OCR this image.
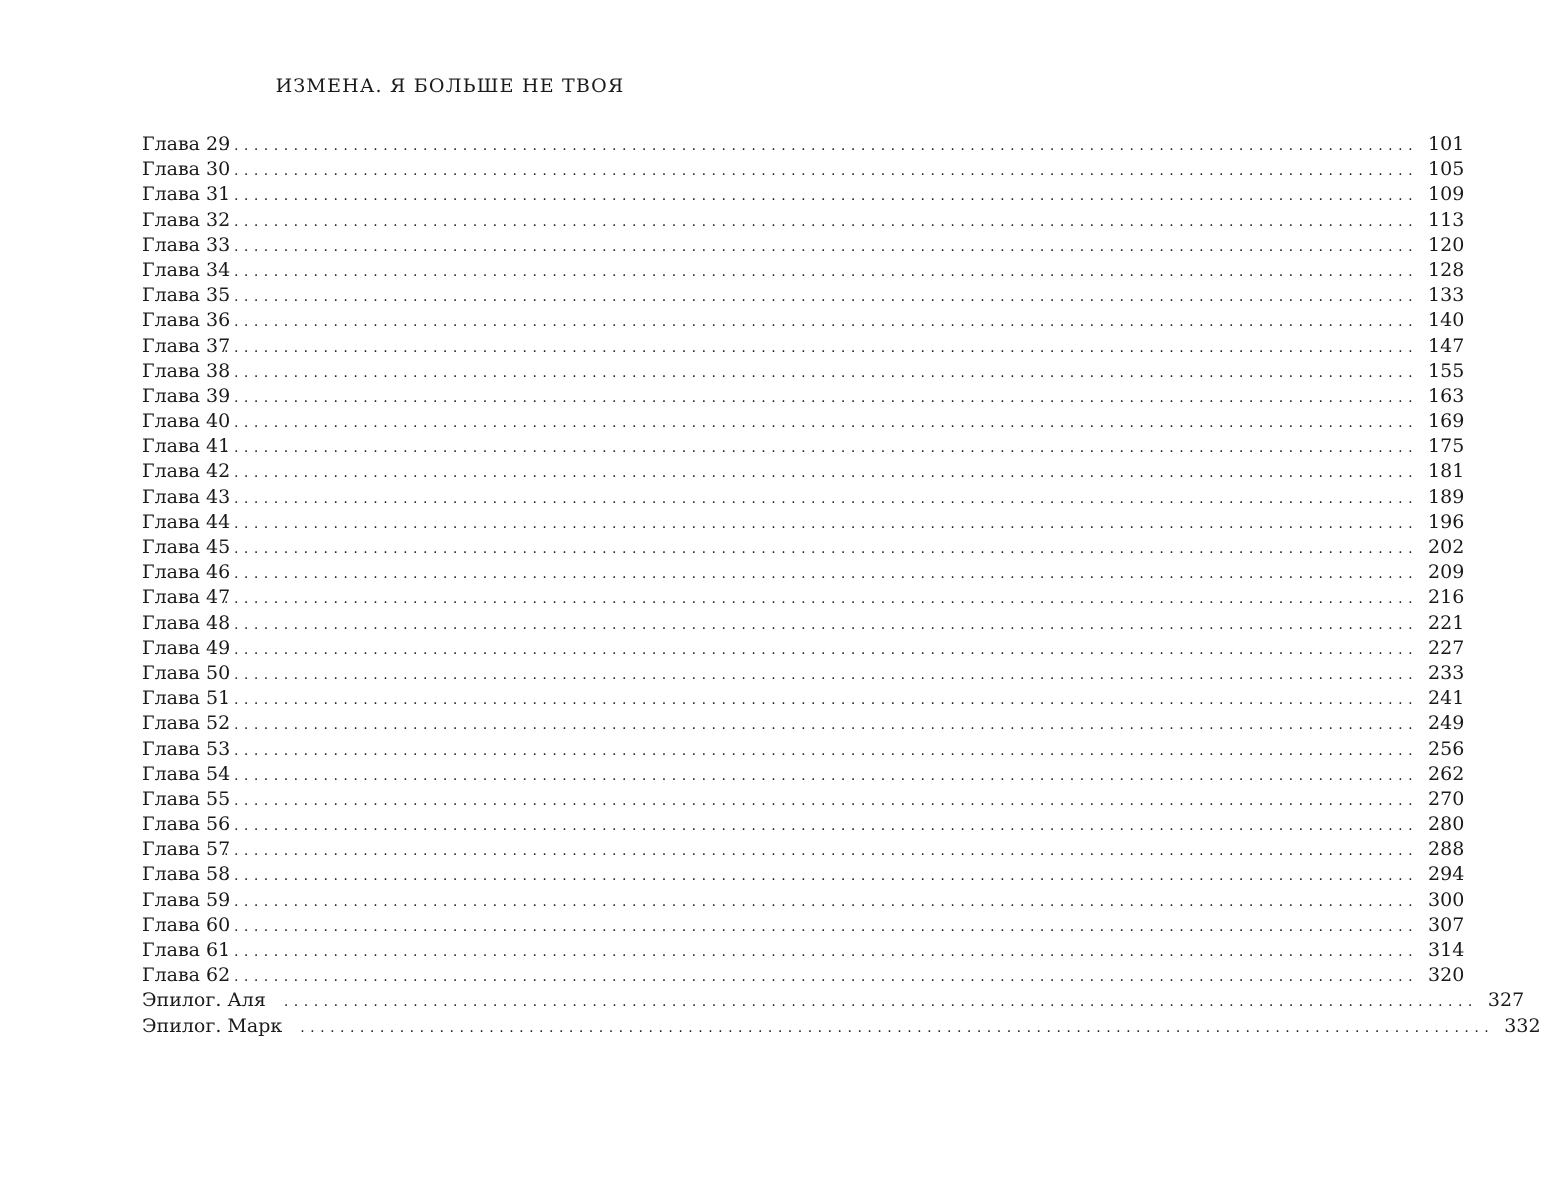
ИЗМЕНА. Я БОЛЬШЕ НЕ ТВОЯ
Глава 29
........................................................................................................................ 101
Глава 30
........................................................................................................................ 105
Глава 31
........................................................................................................................ 109
Глава 32
........................................................................................................................ 113
Глава 33
........................................................................................................................ 120
Глава 34
........................................................................................................................ 128
Глава 35
........................................................................................................................ 133
Глава 36
........................................................................................................................ 140
Глава 37
........................................................................................................................ 147
Глава 38
........................................................................................................................ 155
Глава 39
........................................................................................................................ 163
Глава 40
........................................................................................................................ 169
Глава 41
........................................................................................................................ 175
Глава 42
........................................................................................................................ 181
Глава 43
........................................................................................................................ 189
Глава 44
........................................................................................................................ 196
Глава 45
........................................................................................................................ 202
Глава 46
........................................................................................................................ 209
Глава 47
........................................................................................................................ 216
Глава 48
........................................................................................................................ 221
Глава 49
........................................................................................................................ 227
Глава 50
........................................................................................................................ 233
Глава 51
........................................................................................................................ 241
Глава 52
........................................................................................................................ 249
Глава 53
........................................................................................................................ 256
Глава 54
........................................................................................................................ 262
Глава 55
........................................................................................................................ 270
Глава 56
........................................................................................................................ 280
Глава 57
........................................................................................................................ 288
Глава 58
........................................................................................................................ 294
Глава 59
........................................................................................................................ 300
Глава 60
........................................................................................................................ 307
Глава 61
........................................................................................................................ 314
Глава 62
........................................................................................................................ 320
Эпилог. Аля	........................................................................................................................ 327
Эпилог. Марк	........................................................................................................................ 332
